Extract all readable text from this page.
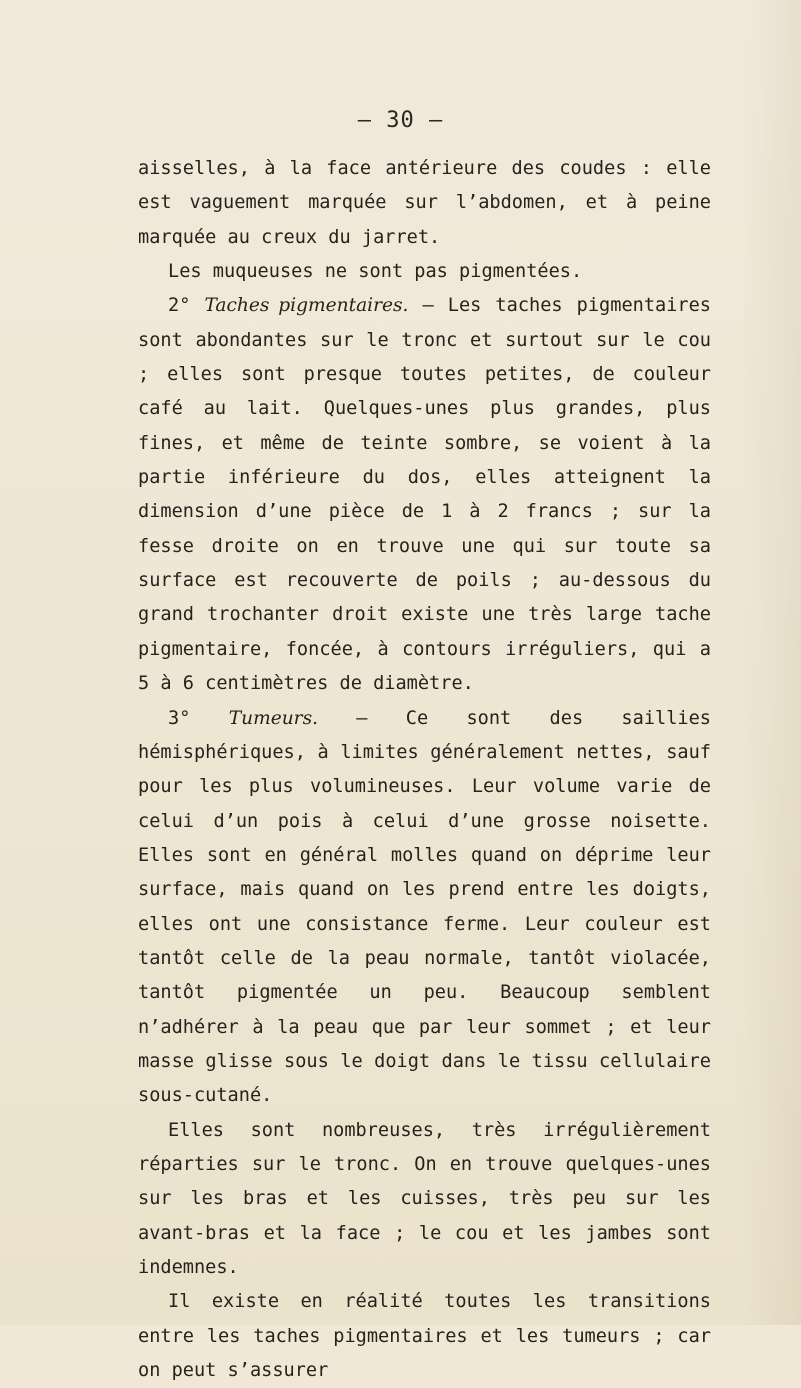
— 30 —

aisselles, à la face antérieure des coudes : elle est vaguement marquée sur l’abdomen, et à peine marquée au creux du jarret.

Les muqueuses ne sont pas pigmentées.

2° Taches pigmentaires. — Les taches pigmentaires sont abondantes sur le tronc et surtout sur le cou ; elles sont presque toutes petites, de couleur café au lait. Quelques-unes plus grandes, plus fines, et même de teinte sombre, se voient à la partie inférieure du dos, elles atteignent la dimension d’une pièce de 1 à 2 francs ; sur la fesse droite on en trouve une qui sur toute sa surface est recouverte de poils ; au-dessous du grand trochanter droit existe une très large tache pigmentaire, foncée, à contours irréguliers, qui a 5 à 6 centimètres de diamètre.

3° Tumeurs. — Ce sont des saillies hémisphériques, à limites généralement nettes, sauf pour les plus volumineuses. Leur volume varie de celui d’un pois à celui d’une grosse noisette. Elles sont en général molles quand on déprime leur surface, mais quand on les prend entre les doigts, elles ont une consistance ferme. Leur couleur est tantôt celle de la peau normale, tantôt violacée, tantôt pigmentée un peu. Beaucoup semblent n’adhérer à la peau que par leur sommet ; et leur masse glisse sous le doigt dans le tissu cellulaire sous-cutané.

Elles sont nombreuses, très irrégulièrement réparties sur le tronc. On en trouve quelques-unes sur les bras et les cuisses, très peu sur les avant-bras et la face ; le cou et les jambes sont indemnes.

Il existe en réalité toutes les transitions entre les taches pigmentaires et les tumeurs ; car on peut s’assurer
